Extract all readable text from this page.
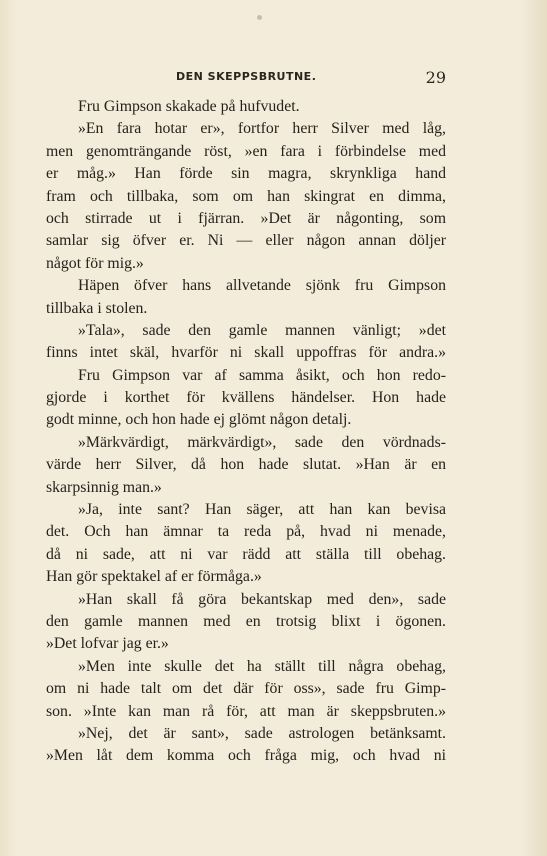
DEN SKEPPSBRUTNE.	29
Fru Gimpson skakade på hufvudet.
»En fara hotar er», fortfor herr Silver med låg,
men genomträngande röst, »en fara i förbindelse med
er måg.» Han förde sin magra, skrynkliga hand
fram och tillbaka, som om han skingrat en dimma,
och stirrade ut i fjärran. »Det är någonting, som
samlar sig öfver er. Ni — eller någon annan döljer
något för mig.»
Häpen öfver hans allvetande sjönk fru Gimpson
tillbaka i stolen.
»Tala», sade den gamle mannen vänligt; »det
finns intet skäl, hvarför ni skall uppoffras för andra.»
Fru Gimpson var af samma åsikt, och hon redo-
gjorde i korthet för kvällens händelser. Hon hade
godt minne, och hon hade ej glömt någon detalj.
»Märkvärdigt, märkvärdigt», sade den vördnads-
värde herr Silver, då hon hade slutat. »Han är en
skarpsinnig man.»
»Ja, inte sant? Han säger, att han kan bevisa
det. Och han ämnar ta reda på, hvad ni menade,
då ni sade, att ni var rädd att ställa till obehag.
Han gör spektakel af er förmåga.»
»Han skall få göra bekantskap med den», sade
den gamle mannen med en trotsig blixt i ögonen.
»Det lofvar jag er.»
»Men inte skulle det ha ställt till några obehag,
om ni hade talt om det där för oss», sade fru Gimp-
son. »Inte kan man rå för, att man är skeppsbruten.»
»Nej, det är sant», sade astrologen betänksamt.
»Men låt dem komma och fråga mig, och hvad ni
